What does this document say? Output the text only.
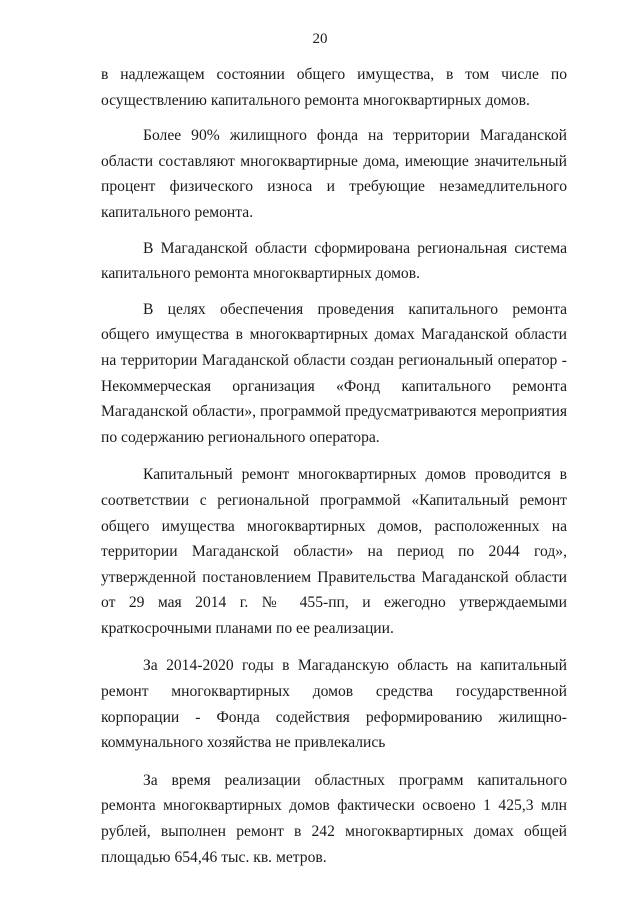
20

в надлежащем состоянии общего имущества, в том числе по осуществлению капитального ремонта многоквартирных домов.

Более 90% жилищного фонда на территории Магаданской области составляют многоквартирные дома, имеющие значительный процент физического износа и требующие незамедлительного капитального ремонта.

В Магаданской области сформирована региональная система капитального ремонта многоквартирных домов.

В целях обеспечения проведения капитального ремонта общего имущества в многоквартирных домах Магаданской области на территории Магаданской области создан региональный оператор - Некоммерческая организация «Фонд капитального ремонта Магаданской области», программой предусматриваются мероприятия по содержанию регионального оператора.

Капитальный ремонт многоквартирных домов проводится в соответствии с региональной программой «Капитальный ремонт общего имущества многоквартирных домов, расположенных на территории Магаданской области» на период по 2044 год», утвержденной постановлением Правительства Магаданской области от 29 мая 2014 г. № 455-пп, и ежегодно утверждаемыми краткосрочными планами по ее реализации.

За 2014-2020 годы в Магаданскую область на капитальный ремонт многоквартирных домов средства государственной корпорации - Фонда содействия реформированию жилищно-коммунального хозяйства не привлекались

За время реализации областных программ капитального ремонта многоквартирных домов фактически освоено 1 425,3 млн рублей, выполнен ремонт в 242 многоквартирных домах общей площадью 654,46 тыс. кв. метров.
